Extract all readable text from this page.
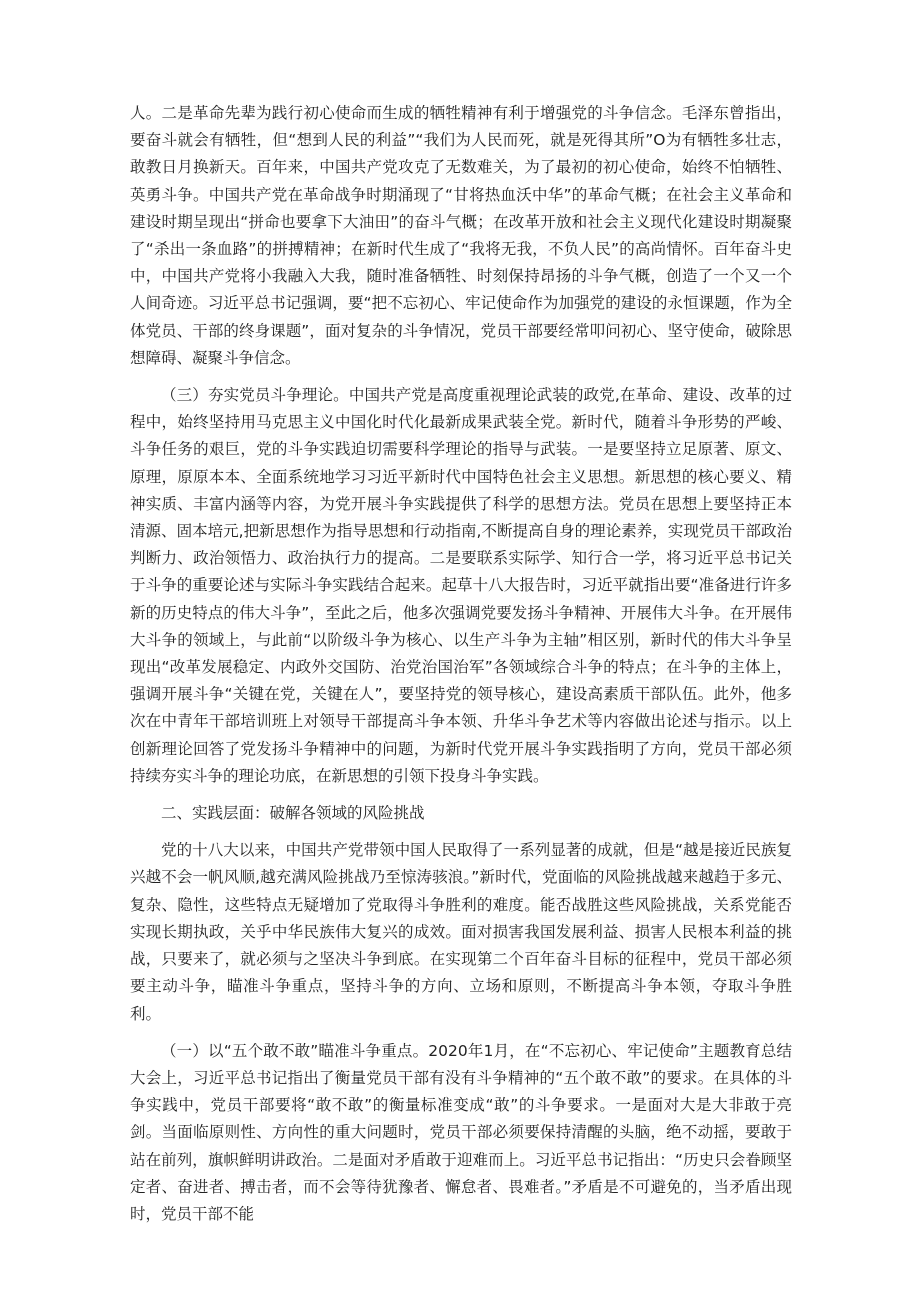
人。二是革命先辈为践行初心使命而生成的牺牲精神有利于增强党的斗争信念。毛泽东曾指出，要奋斗就会有牺牲，但“想到人民的利益”“我们为人民而死，就是死得其所”O为有牺牲多壮志，敢教日月换新天。百年来，中国共产党攻克了无数难关，为了最初的初心使命，始终不怕牺牲、英勇斗争。中国共产党在革命战争时期涌现了“甘将热血沃中华”的革命气概；在社会主义革命和建设时期呈现出“拼命也要拿下大油田”的奋斗气概；在改革开放和社会主义现代化建设时期凝聚了“杀出一条血路”的拼搏精神；在新时代生成了“我将无我，不负人民”的高尚情怀。百年奋斗史中，中国共产党将小我融入大我，随时准备牺牲、时刻保持昂扬的斗争气概，创造了一个又一个人间奇迹。习近平总书记强调，要“把不忘初心、牢记使命作为加强党的建设的永恒课题，作为全体党员、干部的终身课题”，面对复杂的斗争情况，党员干部要经常叩问初心、坚守使命，破除思想障碍、凝聚斗争信念。

（三）夯实党员斗争理论。中国共产党是高度重视理论武装的政党,在革命、建设、改革的过程中，始终坚持用马克思主义中国化时代化最新成果武装全党。新时代，随着斗争形势的严峻、斗争任务的艰巨，党的斗争实践迫切需要科学理论的指导与武装。一是要坚持立足原著、原文、原理，原原本本、全面系统地学习习近平新时代中国特色社会主义思想。新思想的核心要义、精神实质、丰富内涵等内容，为党开展斗争实践提供了科学的思想方法。党员在思想上要坚持正本清源、固本培元,把新思想作为指导思想和行动指南,不断提高自身的理论素养，实现党员干部政治判断力、政治领悟力、政治执行力的提高。二是要联系实际学、知行合一学，将习近平总书记关于斗争的重要论述与实际斗争实践结合起来。起草十八大报告时，习近平就指出要“准备进行许多新的历史特点的伟大斗争”，至此之后，他多次强调党要发扬斗争精神、开展伟大斗争。在开展伟大斗争的领域上，与此前“以阶级斗争为核心、以生产斗争为主轴”相区别，新时代的伟大斗争呈现出“改革发展稳定、内政外交国防、治党治国治军”各领域综合斗争的特点；在斗争的主体上，强调开展斗争“关键在党，关键在人”，要坚持党的领导核心，建设高素质干部队伍。此外，他多次在中青年干部培训班上对领导干部提高斗争本领、升华斗争艺术等内容做出论述与指示。以上创新理论回答了党发扬斗争精神中的问题，为新时代党开展斗争实践指明了方向，党员干部必须持续夯实斗争的理论功底，在新思想的引领下投身斗争实践。

二、实践层面：破解各领域的风险挑战

党的十八大以来，中国共产党带领中国人民取得了一系列显著的成就，但是“越是接近民族复兴越不会一帆风顺,越充满风险挑战乃至惊涛骇浪。”新时代，党面临的风险挑战越来越趋于多元、复杂、隐性，这些特点无疑增加了党取得斗争胜利的难度。能否战胜这些风险挑战，关系党能否实现长期执政，关乎中华民族伟大复兴的成效。面对损害我国发展利益、损害人民根本利益的挑战，只要来了，就必须与之坚决斗争到底。在实现第二个百年奋斗目标的征程中，党员干部必须要主动斗争，瞄准斗争重点，坚持斗争的方向、立场和原则，不断提高斗争本领，夺取斗争胜利。

（一）以“五个敢不敢”瞄准斗争重点。2020年1月，在“不忘初心、牢记使命”主题教育总结大会上，习近平总书记指出了衡量党员干部有没有斗争精神的“五个敢不敢”的要求。在具体的斗争实践中，党员干部要将“敢不敢”的衡量标准变成“敢”的斗争要求。一是面对大是大非敢于亮剑。当面临原则性、方向性的重大问题时，党员干部必须要保持清醒的头脑，绝不动摇，要敢于站在前列，旗帜鲜明讲政治。二是面对矛盾敢于迎难而上。习近平总书记指出：“历史只会眷顾坚定者、奋进者、搏击者，而不会等待犹豫者、懈怠者、畏难者。”矛盾是不可避免的，当矛盾出现时，党员干部不能
